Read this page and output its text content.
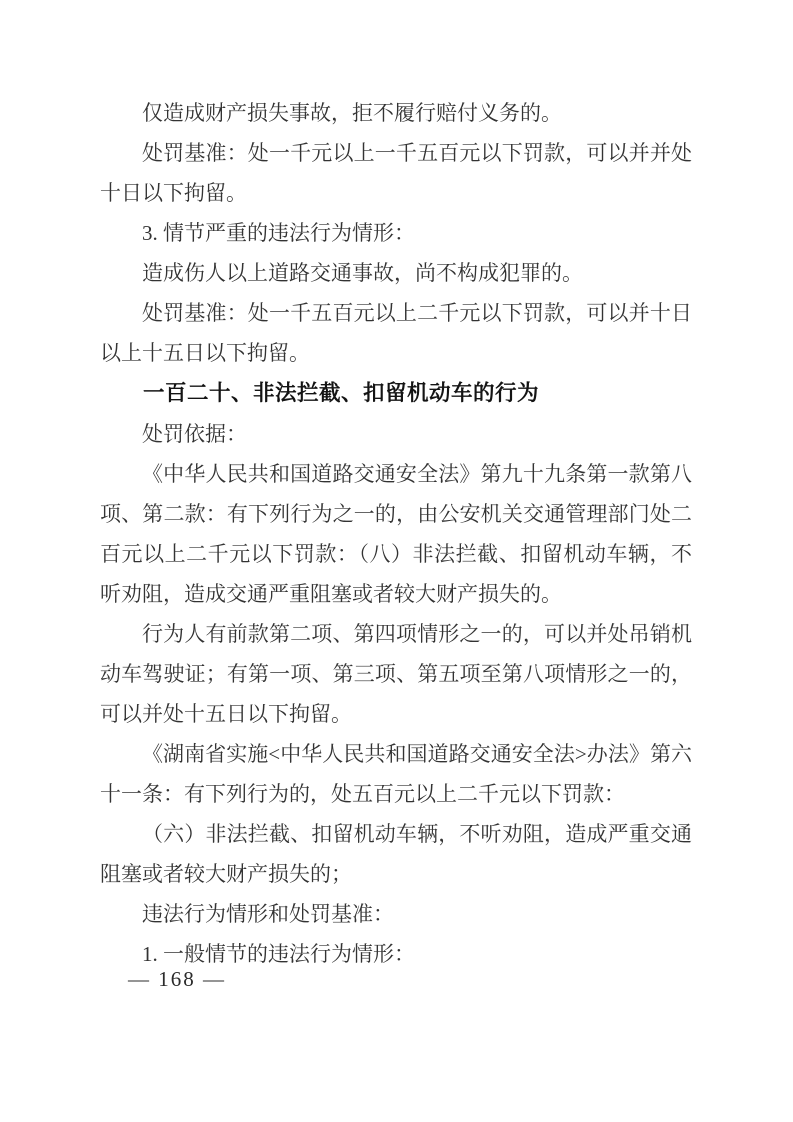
仅造成财产损失事故，拒不履行赔付义务的。

处罚基准：处一千元以上一千五百元以下罚款，可以并并处十日以下拘留。

3. 情节严重的违法行为情形：

造成伤人以上道路交通事故，尚不构成犯罪的。

处罚基准：处一千五百元以上二千元以下罚款，可以并十日以上十五日以下拘留。

一百二十、非法拦截、扣留机动车的行为

处罚依据：

《中华人民共和国道路交通安全法》第九十九条第一款第八项、第二款：有下列行为之一的，由公安机关交通管理部门处二百元以上二千元以下罚款：（八）非法拦截、扣留机动车辆，不听劝阻，造成交通严重阻塞或者较大财产损失的。

行为人有前款第二项、第四项情形之一的，可以并处吊销机动车驾驶证；有第一项、第三项、第五项至第八项情形之一的，可以并处十五日以下拘留。

《湖南省实施<中华人民共和国道路交通安全法>办法》第六十一条：有下列行为的，处五百元以上二千元以下罚款：

（六）非法拦截、扣留机动车辆，不听劝阻，造成严重交通阻塞或者较大财产损失的；

违法行为情形和处罚基准：

1. 一般情节的违法行为情形：

— 168 —
